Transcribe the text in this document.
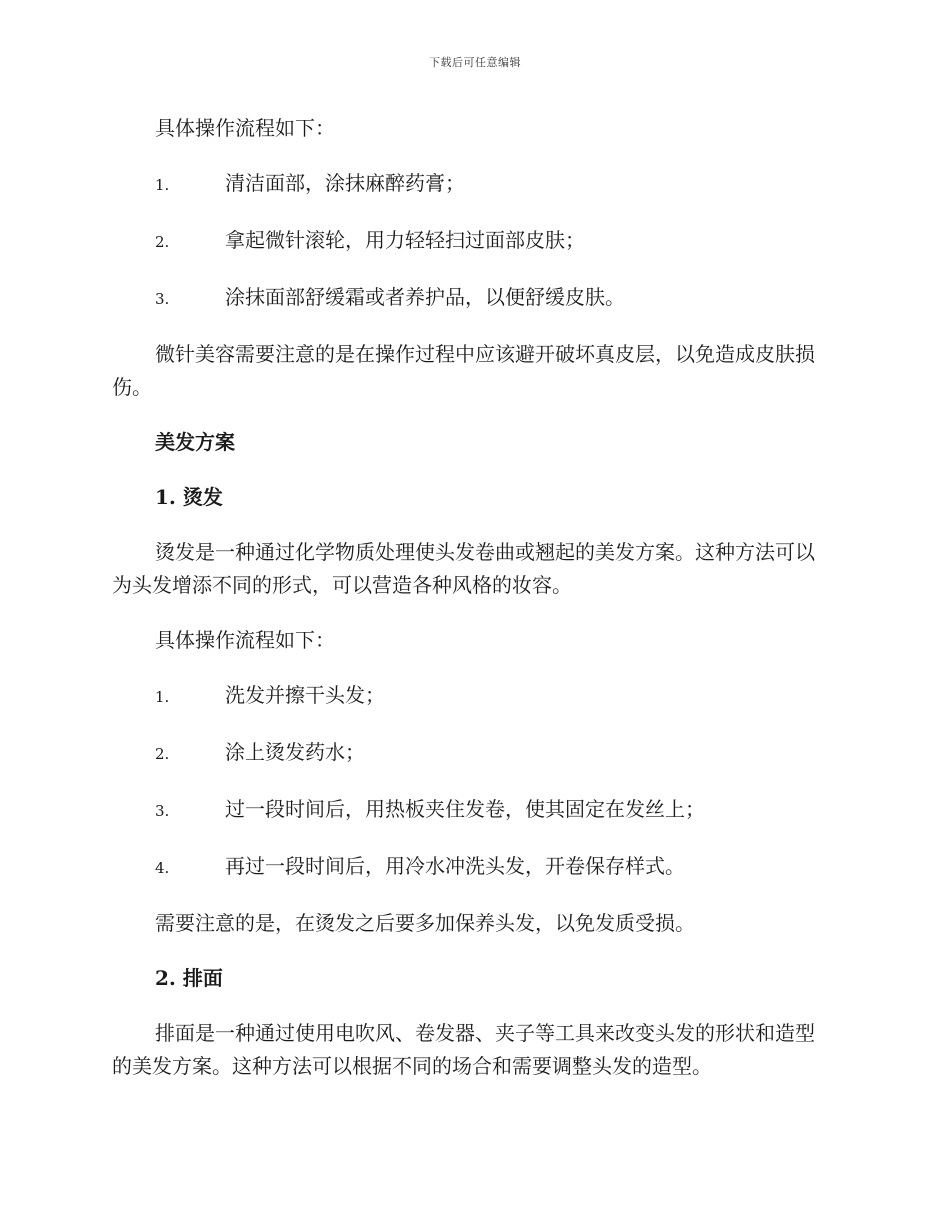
下载后可任意编辑
具体操作流程如下：
1.	清洁面部，涂抹麻醉药膏；
2.	拿起微针滚轮，用力轻轻扫过面部皮肤；
3.	涂抹面部舒缓霜或者养护品，以便舒缓皮肤。
微针美容需要注意的是在操作过程中应该避开破坏真皮层，以免造成皮肤损伤。
美发方案
1. 烫发
烫发是一种通过化学物质处理使头发卷曲或翘起的美发方案。这种方法可以为头发增添不同的形式，可以营造各种风格的妆容。
具体操作流程如下：
1.	洗发并擦干头发；
2.	涂上烫发药水；
3.	过一段时间后，用热板夹住发卷，使其固定在发丝上；
4.	再过一段时间后，用冷水冲洗头发，开卷保存样式。
需要注意的是，在烫发之后要多加保养头发，以免发质受损。
2. 排面
排面是一种通过使用电吹风、卷发器、夹子等工具来改变头发的形状和造型的美发方案。这种方法可以根据不同的场合和需要调整头发的造型。
